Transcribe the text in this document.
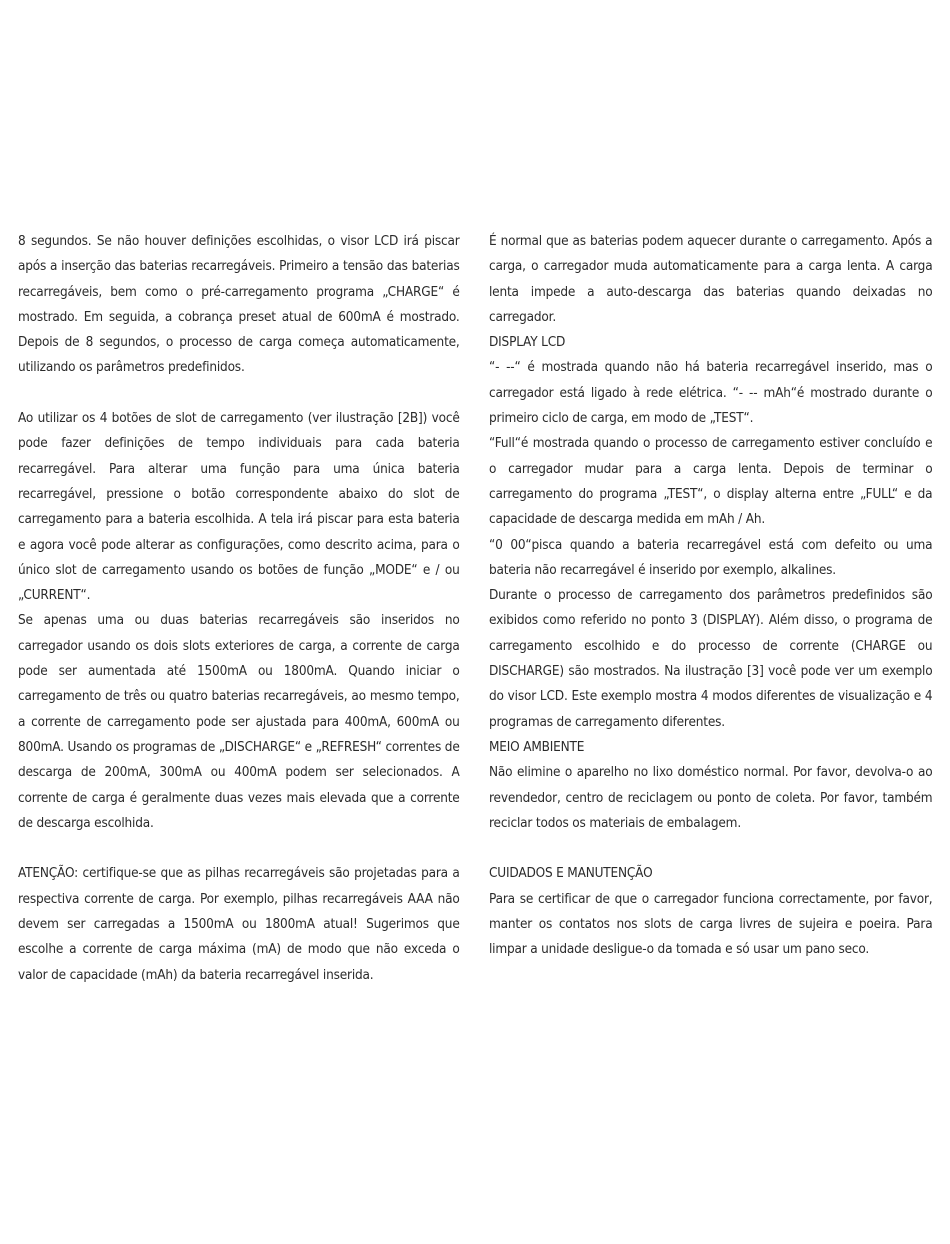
8 segundos. Se não houver definições escolhidas, o visor LCD irá piscar após a inserção das baterias recarregáveis. Primeiro a tensão das baterias recarregáveis, bem como o pré-carregamento programa „CHARGE“ é mostrado. Em seguida, a cobrança preset atual de 600mA é mostrado. Depois de 8 segundos, o processo de carga começa automaticamente, utilizando os parâmetros predefinidos.

Ao utilizar os 4 botões de slot de carregamento (ver ilustração [2B]) você pode fazer definições de tempo individuais para cada bateria recarregável. Para alterar uma função para uma única bateria recarregável, pressione o botão correspondente abaixo do slot de carregamento para a bateria escolhida. A tela irá piscar para esta bateria e agora você pode alterar as configurações, como descrito acima, para o único slot de carregamento usando os botões de função „MODE“ e / ou „CURRENT“.

Se apenas uma ou duas baterias recarregáveis são inseridos no carregador usando os dois slots exteriores de carga, a corrente de carga pode ser aumentada até 1500mA ou 1800mA. Quando iniciar o carregamento de três ou quatro baterias recarregáveis, ao mesmo tempo, a corrente de carregamento pode ser ajustada para 400mA, 600mA ou 800mA. Usando os programas de „DISCHARGE“ e „REFRESH“ correntes de descarga de 200mA, 300mA ou 400mA podem ser selecionados. A corrente de carga é geralmente duas vezes mais elevada que a corrente de descarga escolhida.

ATENÇÃO: certifique-se que as pilhas recarregáveis são projetadas para a respectiva corrente de carga. Por exemplo, pilhas recarregáveis AAA não devem ser carregadas a 1500mA ou 1800mA atual! Sugerimos que escolhe a corrente de carga máxima (mA) de modo que não exceda o valor de capacidade (mAh) da bateria recarregável inserida.

É normal que as baterias podem aquecer durante o carregamento. Após a carga, o carregador muda automaticamente para a carga lenta. A carga lenta impede a auto-descarga das baterias quando deixadas no carregador.

DISPLAY LCD

“- --“ é mostrada quando não há bateria recarregável inserido, mas o carregador está ligado à rede elétrica. “- -- mAh“é mostrado durante o primeiro ciclo de carga, em modo de „TEST“.

“Full“é mostrada quando o processo de carregamento estiver concluído e o carregador mudar para a carga lenta. Depois de terminar o carregamento do programa „TEST“, o display alterna entre „FULL“ e da capacidade de descarga medida em mAh / Ah.

“0 00“pisca quando a bateria recarregável está com defeito ou uma bateria não recarregável é inserido por exemplo, alkalines.

Durante o processo de carregamento dos parâmetros predefinidos são exibidos como referido no ponto 3 (DISPLAY). Além disso, o programa de carregamento escolhido e do processo de corrente (CHARGE ou DISCHARGE) são mostrados. Na ilustração [3] você pode ver um exemplo do visor LCD. Este exemplo mostra 4 modos diferentes de visualização e 4 programas de carregamento diferentes.

MEIO AMBIENTE

Não elimine o aparelho no lixo doméstico normal. Por favor, devolva-o ao revendedor, centro de reciclagem ou ponto de coleta. Por favor, também reciclar todos os materiais de embalagem.

CUIDADOS E MANUTENÇÃO

Para se certificar de que o carregador funciona correctamente, por favor, manter os contatos nos slots de carga livres de sujeira e poeira. Para limpar a unidade desligue-o da tomada e só usar um pano seco.
